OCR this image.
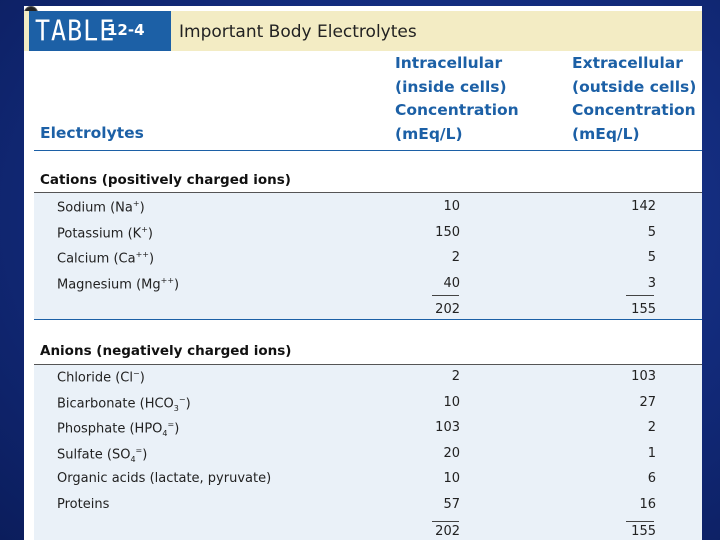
Important Body Electrolytes
TABLE
12-4
Electrolytes
Intracellular
(inside cells)
Concentration
(mEq/L)
Extracellular
(outside cells)
Concentration
(mEq/L)
Cations (positively charged ions)
Sodium (Na+)	10	142
Potassium (K+)	150	5
Calcium (Ca++)	2	5
Magnesium (Mg++)	40	3
202	155
Anions (negatively charged ions)
Chloride (Cl−)	2	103
Bicarbonate $(HCO_3^-)$	10	27
Phosphate $(HPO_4^=)$	103	2
Sulfate $(SO_4^=)$	20	1
Organic acids (lactate, pyruvate)	10	6
Proteins	57	16
202	155
